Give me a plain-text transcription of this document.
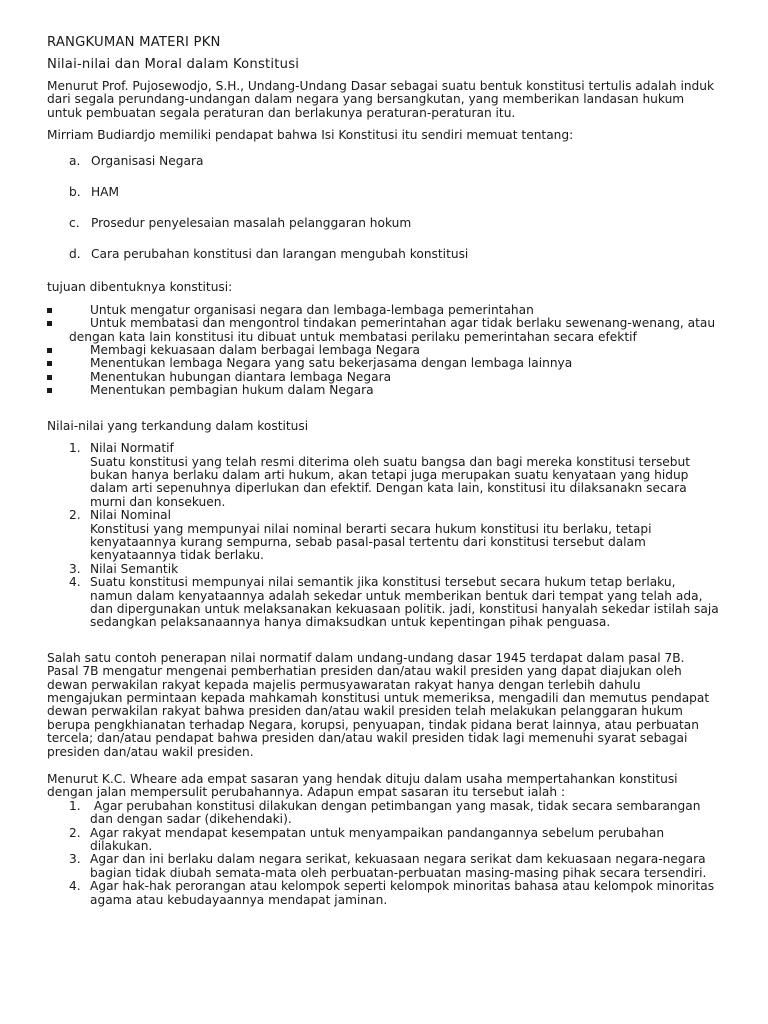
RANGKUMAN MATERI PKN
Nilai-nilai dan Moral dalam Konstitusi

Menurut Prof. Pujosewodjo, S.H., Undang-Undang Dasar sebagai suatu bentuk konstitusi tertulis adalah induk dari segala perundang-undangan dalam negara yang bersangkutan, yang memberikan landasan hukum untuk pembuatan segala peraturan dan berlakunya peraturan-peraturan itu.

Mirriam Budiardjo memiliki pendapat bahwa Isi Konstitusi itu sendiri memuat tentang:

a. Organisasi Negara
b. HAM
c. Prosedur penyelesaian masalah pelanggaran hokum
d. Cara perubahan konstitusi dan larangan mengubah konstitusi

tujuan dibentuknya konstitusi:

Untuk mengatur organisasi negara dan lembaga-lembaga pemerintahan
Untuk membatasi dan mengontrol tindakan pemerintahan agar tidak berlaku sewenang-wenang, atau dengan kata lain konstitusi itu dibuat untuk membatasi perilaku pemerintahan secara efektif
Membagi kekuasaan dalam berbagai lembaga Negara
Menentukan lembaga Negara yang satu bekerjasama dengan lembaga lainnya
Menentukan hubungan diantara lembaga Negara
Menentukan pembagian hukum dalam Negara

Nilai-nilai yang terkandung dalam kostitusi

1. Nilai Normatif
Suatu konstitusi yang telah resmi diterima oleh suatu bangsa dan bagi mereka konstitusi tersebut bukan hanya berlaku dalam arti hukum, akan tetapi juga merupakan suatu kenyataan yang hidup dalam arti sepenuhnya diperlukan dan efektif. Dengan kata lain, konstitusi itu dilaksanakn secara murni dan konsekuen.
2. Nilai Nominal
Konstitusi yang mempunyai nilai nominal berarti secara hukum konstitusi itu berlaku, tetapi kenyataannya kurang sempurna, sebab pasal-pasal tertentu dari konstitusi tersebut dalam kenyataannya tidak berlaku.
3. Nilai Semantik
4. Suatu konstitusi mempunyai nilai semantik jika konstitusi tersebut secara hukum tetap berlaku, namun dalam kenyataannya adalah sekedar untuk memberikan bentuk dari tempat yang telah ada, dan dipergunakan untuk melaksanakan kekuasaan politik. jadi, konstitusi hanyalah sekedar istilah saja sedangkan pelaksanaannya hanya dimaksudkan untuk kepentingan pihak penguasa.

Salah satu contoh penerapan nilai normatif dalam undang-undang dasar 1945 terdapat dalam pasal 7B. Pasal 7B mengatur mengenai pemberhatian presiden dan/atau wakil presiden yang dapat diajukan oleh dewan perwakilan rakyat kepada majelis permusyawaratan rakyat hanya dengan terlebih dahulu mengajukan permintaan kepada mahkamah konstitusi untuk memeriksa, mengadili dan memutus pendapat dewan perwakilan rakyat bahwa presiden dan/atau wakil presiden telah melakukan pelanggaran hukum berupa pengkhianatan terhadap Negara, korupsi, penyuapan, tindak pidana berat lainnya, atau perbuatan tercela; dan/atau pendapat bahwa presiden dan/atau wakil presiden tidak lagi memenuhi syarat sebagai presiden dan/atau wakil presiden.

Menurut K.C. Wheare ada empat sasaran yang hendak dituju dalam usaha mempertahankan konstitusi dengan jalan mempersulit perubahannya. Adapun empat sasaran itu tersebut ialah :

1. Agar perubahan konstitusi dilakukan dengan petimbangan yang masak, tidak secara sembarangan dan dengan sadar (dikehendaki).
2. Agar rakyat mendapat kesempatan untuk menyampaikan pandangannya sebelum perubahan dilakukan.
3. Agar dan ini berlaku dalam negara serikat, kekuasaan negara serikat dam kekuasaan negara-negara bagian tidak diubah semata-mata oleh perbuatan-perbuatan masing-masing pihak secara tersendiri.
4. Agar hak-hak perorangan atau kelompok seperti kelompok minoritas bahasa atau kelompok minoritas agama atau kebudayaannya mendapat jaminan.
